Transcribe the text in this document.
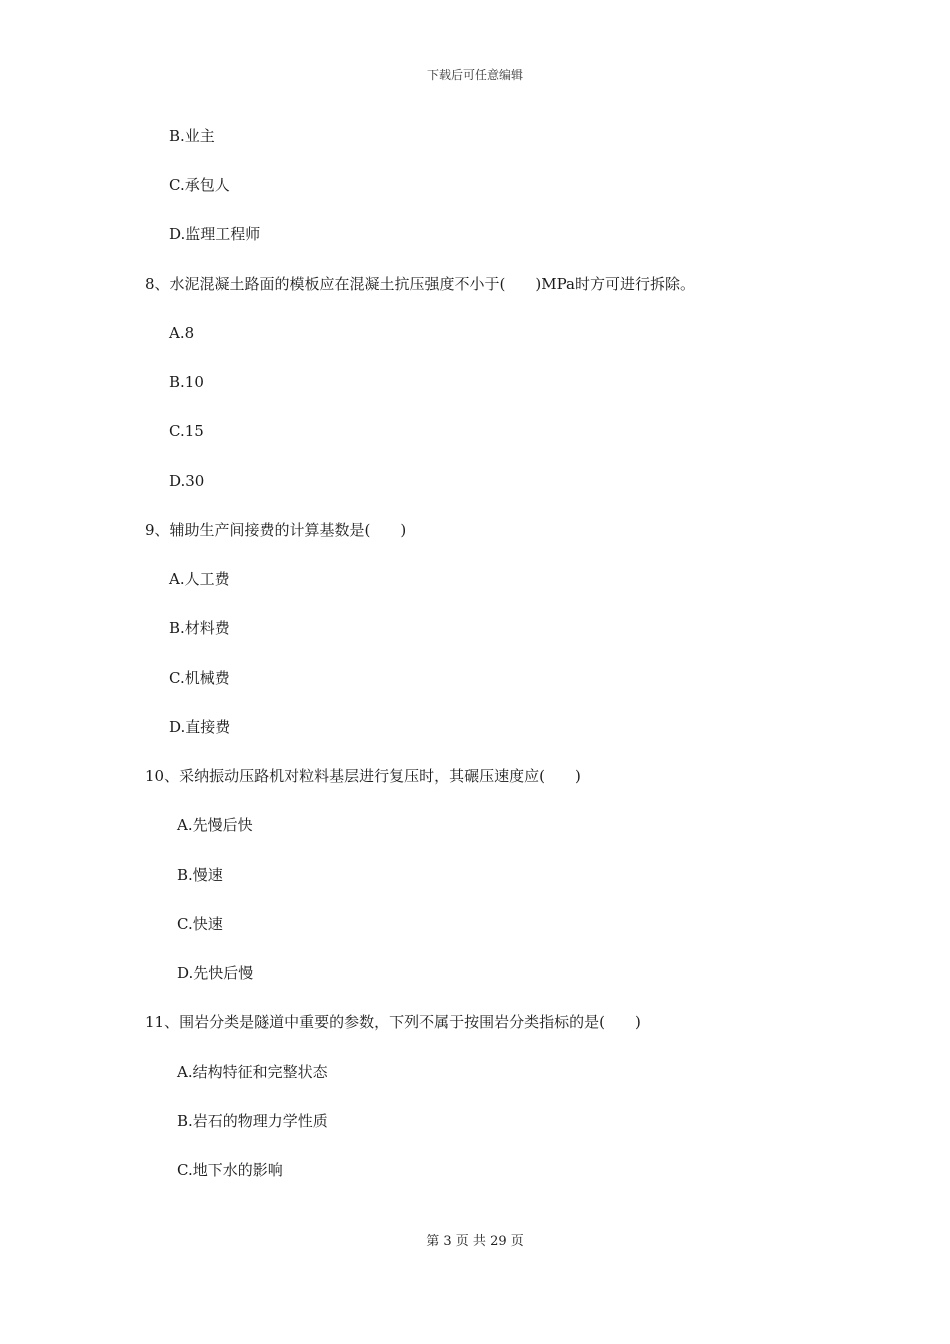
下载后可任意编辑
B.业主
C.承包人
D.监理工程师
8、水泥混凝土路面的模板应在混凝土抗压强度不小于(　　)MPa时方可进行拆除。
A.8
B.10
C.15
D.30
9、辅助生产间接费的计算基数是(　　)
A.人工费
B.材料费
C.机械费
D.直接费
10、采纳振动压路机对粒料基层进行复压时，其碾压速度应(　　)
A.先慢后快
B.慢速
C.快速
D.先快后慢
11、围岩分类是隧道中重要的参数，下列不属于按围岩分类指标的是(　　)
A.结构特征和完整状态
B.岩石的物理力学性质
C.地下水的影响
第 3 页 共 29 页
